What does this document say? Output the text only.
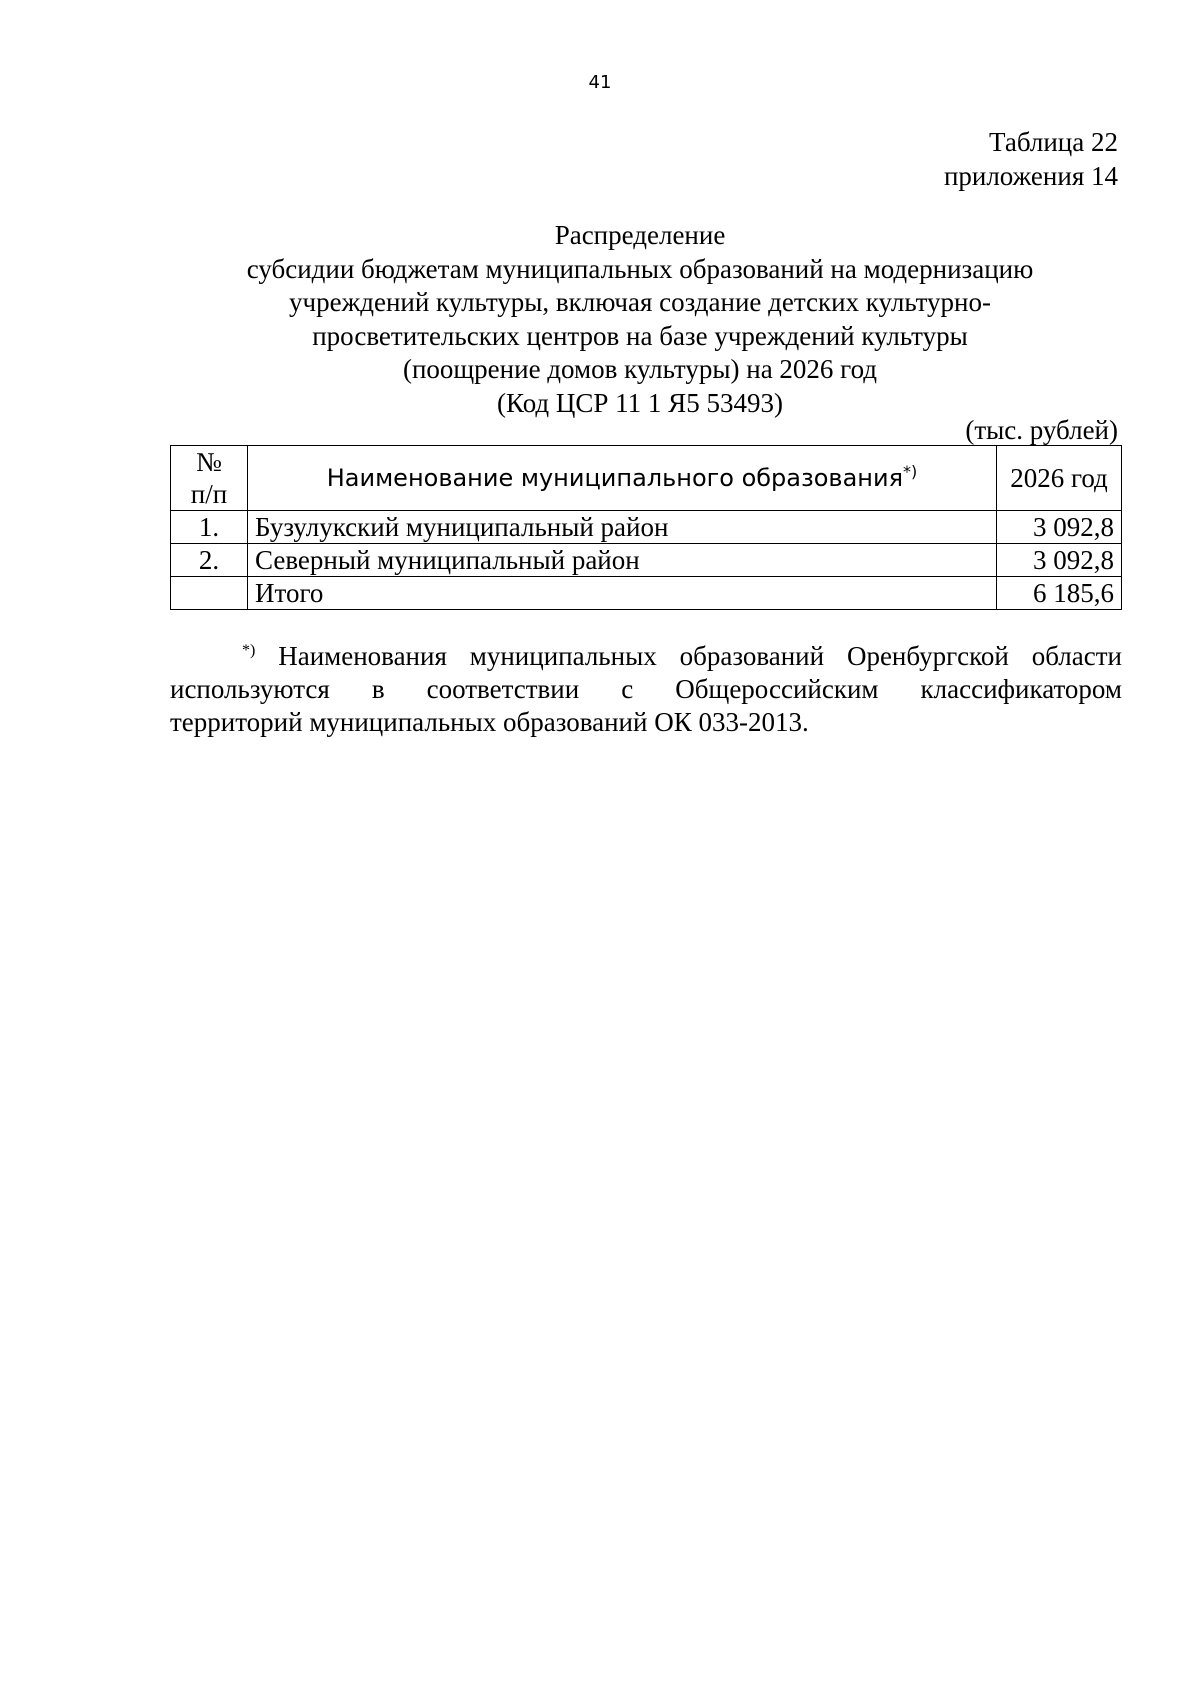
41
Таблица 22
приложения 14
Распределение
субсидии бюджетам муниципальных образований на модернизацию
учреждений культуры, включая создание детских культурно-
просветительских центров на базе учреждений культуры
(поощрение домов культуры) на 2026 год
(Код ЦСР 11 1 Я5 53493)
(тыс. рублей)
№
п/п	Наименование муниципального образования*)	2026 год
1.	Бузулукский муниципальный район	3 092,8
2.	Северный муниципальный район	3 092,8
	Итого	6 185,6
*) Наименования муниципальных образований Оренбургской области
используются в соответствии с Общероссийским классификатором
территорий муниципальных образований ОК 033-2013.
